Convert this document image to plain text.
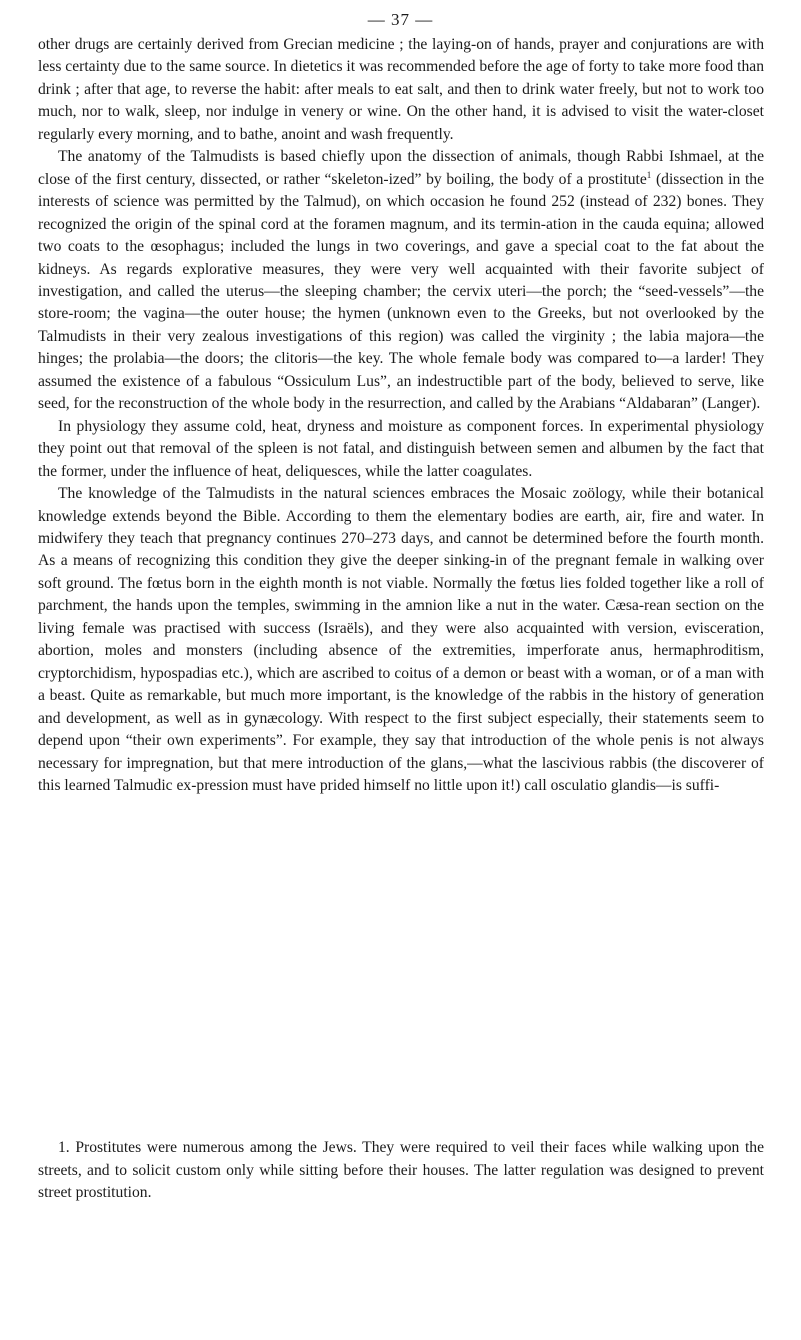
— 37 —

other drugs are certainly derived from Grecian medicine ; the laying-on of hands, prayer and conjurations are with less certainty due to the same source. In dietetics it was recommended before the age of forty to take more food than drink ; after that age, to reverse the habit: after meals to eat salt, and then to drink water freely, but not to work too much, nor to walk, sleep, nor indulge in venery or wine. On the other hand, it is advised to visit the water-closet regularly every morning, and to bathe, anoint and wash frequently.

The anatomy of the Talmudists is based chiefly upon the dissection of animals, though Rabbi Ishmael, at the close of the first century, dissected, or rather “skeleton-ized” by boiling, the body of a prostitute$^1$ (dissection in the interests of science was permitted by the Talmud), on which occasion he found 252 (instead of 232) bones. They recognized the origin of the spinal cord at the foramen magnum, and its termin-ation in the cauda equina; allowed two coats to the œsophagus; included the lungs in two coverings, and gave a special coat to the fat about the kidneys. As regards explorative measures, they were very well acquainted with their favorite subject of investigation, and called the uterus—the sleeping chamber; the cervix uteri—the porch; the “seed-vessels”—the store-room; the vagina—the outer house; the hymen (unknown even to the Greeks, but not overlooked by the Talmudists in their very zealous investigations of this region) was called the virginity ; the labia majora—the hinges; the prolabia—the doors; the clitoris—the key. The whole female body was compared to—a larder! They assumed the existence of a fabulous “Ossiculum Lus”, an indestructible part of the body, believed to serve, like seed, for the reconstruction of the whole body in the resurrection, and called by the Arabians “Aldabaran” (Langer).

In physiology they assume cold, heat, dryness and moisture as component forces. In experimental physiology they point out that removal of the spleen is not fatal, and distinguish between semen and albumen by the fact that the former, under the influence of heat, deliquesces, while the latter coagulates.

The knowledge of the Talmudists in the natural sciences embraces the Mosaic zoölogy, while their botanical knowledge extends beyond the Bible. According to them the elementary bodies are earth, air, fire and water. In midwifery they teach that pregnancy continues 270–273 days, and cannot be determined before the fourth month. As a means of recognizing this condition they give the deeper sinking-in of the pregnant female in walking over soft ground. The fœtus born in the eighth month is not viable. Normally the fœtus lies folded together like a roll of parchment, the hands upon the temples, swimming in the amnion like a nut in the water. Cæsa-rean section on the living female was practised with success (Israëls), and they were also acquainted with version, evisceration, abortion, moles and monsters (including absence of the extremities, imperforate anus, hermaphroditism, cryptorchidism, hypospadias etc.), which are ascribed to coitus of a demon or beast with a woman, or of a man with a beast. Quite as remarkable, but much more important, is the knowledge of the rabbis in the history of generation and development, as well as in gynæcology. With respect to the first subject especially, their statements seem to depend upon “their own experiments”. For example, they say that introduction of the whole penis is not always necessary for impregnation, but that mere introduction of the glans,—what the lascivious rabbis (the discoverer of this learned Talmudic ex-pression must have prided himself no little upon it!) call osculatio glandis—is suffi-

1. Prostitutes were numerous among the Jews. They were required to veil their faces while walking upon the streets, and to solicit custom only while sitting before their houses. The latter regulation was designed to prevent street prostitution.
